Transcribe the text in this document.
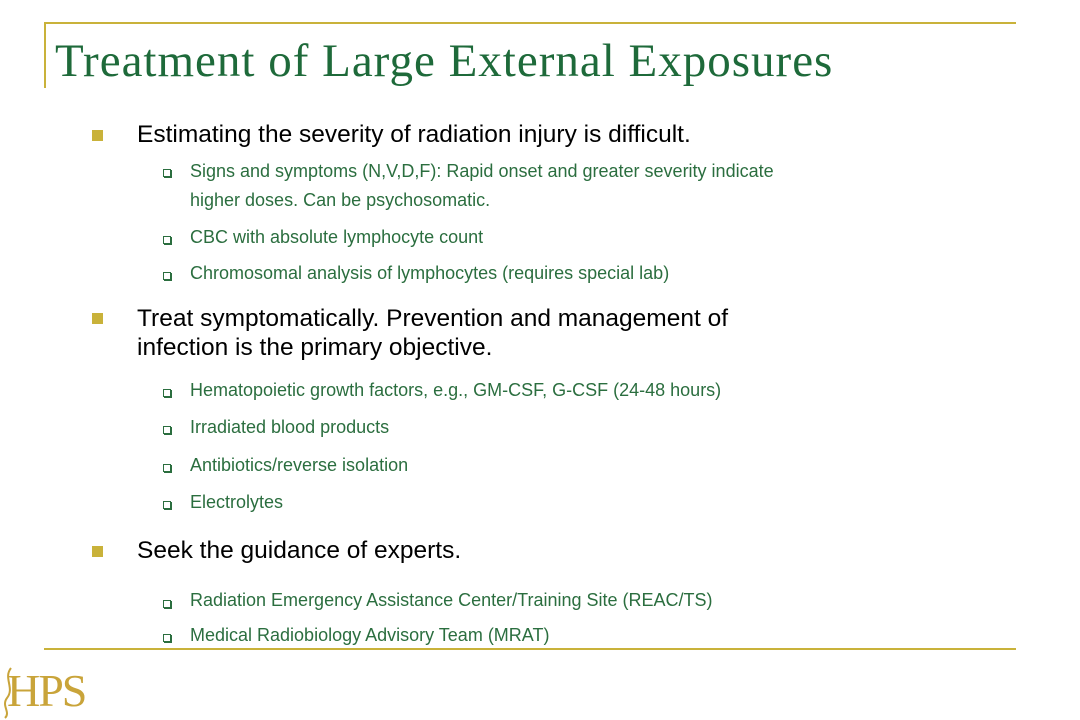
Treatment of Large External Exposures
Estimating the severity of radiation injury is difficult.
Signs and symptoms (N,V,D,F): Rapid onset and greater severity indicate
higher doses. Can be psychosomatic.
CBC with absolute lymphocyte count
Chromosomal analysis of lymphocytes (requires special lab)
Treat symptomatically. Prevention and management of
infection is the primary objective.
Hematopoietic growth factors, e.g., GM-CSF, G-CSF (24-48 hours)
Irradiated blood products
Antibiotics/reverse isolation
Electrolytes
Seek the guidance of experts.
Radiation Emergency Assistance Center/Training Site (REAC/TS)
Medical Radiobiology Advisory Team (MRAT)
HPS
